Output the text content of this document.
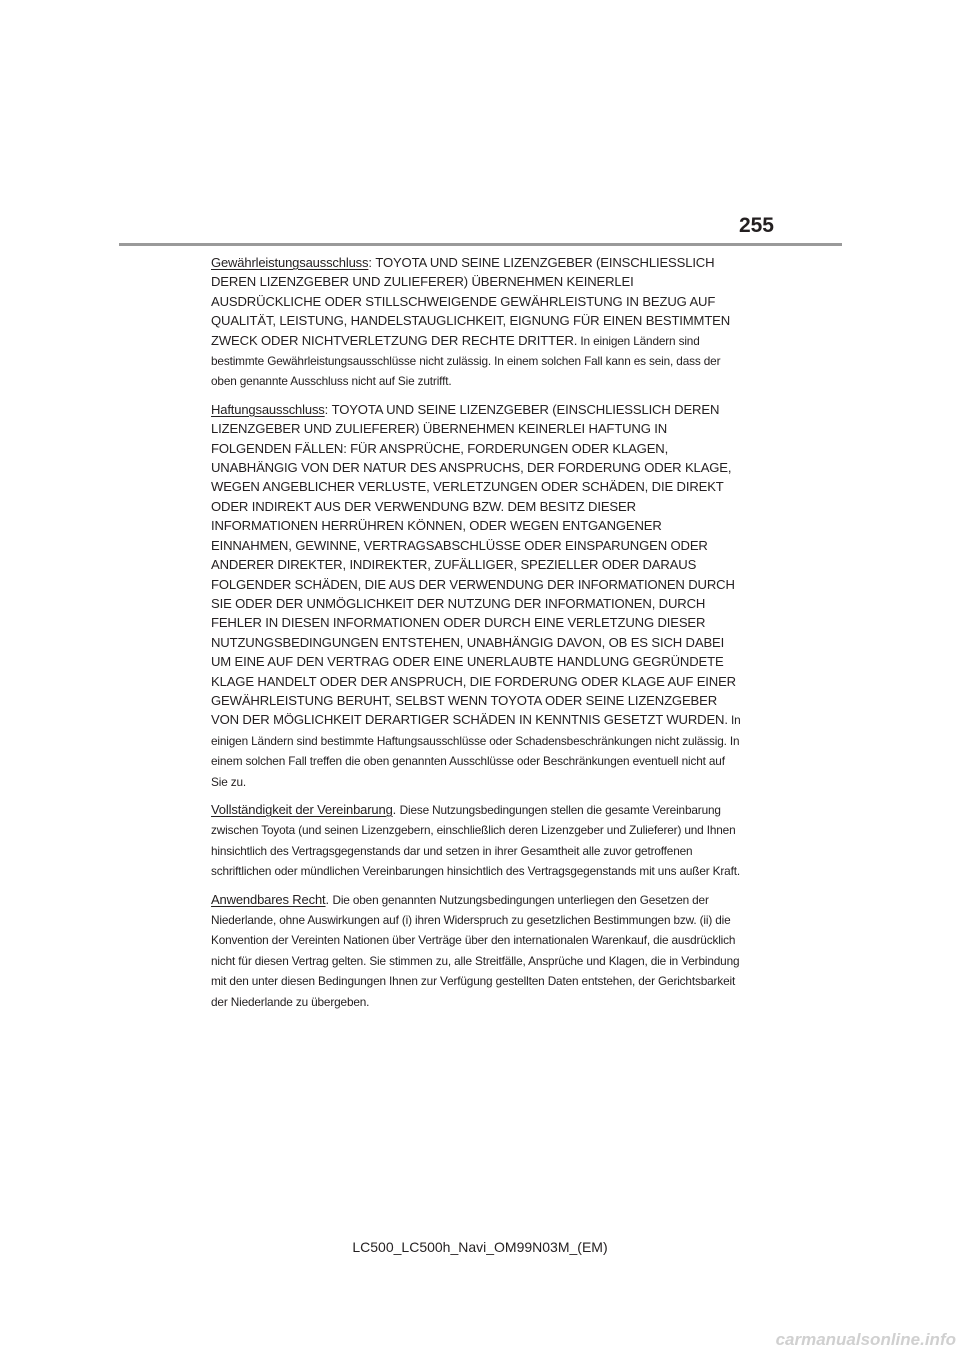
255

Gewährleistungsausschluss: TOYOTA UND SEINE LIZENZGEBER (EINSCHLIESSLICH DEREN LIZENZGEBER UND ZULIEFERER) ÜBERNEHMEN KEINERLEI AUSDRÜCKLICHE ODER STILLSCHWEIGENDE GEWÄHRLEISTUNG IN BEZUG AUF QUALITÄT, LEISTUNG, HANDELSTAUGLICHKEIT, EIGNUNG FÜR EINEN BESTIMMTEN ZWECK ODER NICHTVERLETZUNG DER RECHTE DRITTER. In einigen Ländern sind bestimmte Gewährleistungsausschlüsse nicht zulässig. In einem solchen Fall kann es sein, dass der oben genannte Ausschluss nicht auf Sie zutrifft.

Haftungsausschluss: TOYOTA UND SEINE LIZENZGEBER (EINSCHLIESSLICH DEREN LIZENZGEBER UND ZULIEFERER) ÜBERNEHMEN KEINERLEI HAFTUNG IN FOLGENDEN FÄLLEN: FÜR ANSPRÜCHE, FORDERUNGEN ODER KLAGEN, UNABHÄNGIG VON DER NATUR DES ANSPRUCHS, DER FORDERUNG ODER KLAGE, WEGEN ANGEBLICHER VERLUSTE, VERLETZUNGEN ODER SCHÄDEN, DIE DIREKT ODER INDIREKT AUS DER VERWENDUNG BZW. DEM BESITZ DIESER INFORMATIONEN HERRÜHREN KÖNNEN, ODER WEGEN ENTGANGENER EINNAHMEN, GEWINNE, VERTRAGSABSCHLÜSSE ODER EINSPARUNGEN ODER ANDERER DIREKTER, INDIREKTER, ZUFÄLLIGER, SPEZIELLER ODER DARAUS FOLGENDER SCHÄDEN, DIE AUS DER VERWENDUNG DER INFORMATIONEN DURCH SIE ODER DER UNMÖGLICHKEIT DER NUTZUNG DER INFORMATIONEN, DURCH FEHLER IN DIESEN INFORMATIONEN ODER DURCH EINE VERLETZUNG DIESER NUTZUNGSBEDINGUNGEN ENTSTEHEN, UNABHÄNGIG DAVON, OB ES SICH DABEI UM EINE AUF DEN VERTRAG ODER EINE UNERLAUBTE HANDLUNG GEGRÜNDETE KLAGE HANDELT ODER DER ANSPRUCH, DIE FORDERUNG ODER KLAGE AUF EINER GEWÄHRLEISTUNG BERUHT, SELBST WENN TOYOTA ODER SEINE LIZENZGEBER VON DER MÖGLICHKEIT DERARTIGER SCHÄDEN IN KENNTNIS GESETZT WURDEN. In einigen Ländern sind bestimmte Haftungsausschlüsse oder Schadensbeschränkungen nicht zulässig. In einem solchen Fall treffen die oben genannten Ausschlüsse oder Beschränkungen eventuell nicht auf Sie zu.

Vollständigkeit der Vereinbarung. Diese Nutzungsbedingungen stellen die gesamte Vereinbarung zwischen Toyota (und seinen Lizenzgebern, einschließlich deren Lizenzgeber und Zulieferer) und Ihnen hinsichtlich des Vertragsgegenstands dar und setzen in ihrer Gesamtheit alle zuvor getroffenen schriftlichen oder mündlichen Vereinbarungen hinsichtlich des Vertragsgegenstands mit uns außer Kraft.

Anwendbares Recht. Die oben genannten Nutzungsbedingungen unterliegen den Gesetzen der Niederlande, ohne Auswirkungen auf (i) ihren Widerspruch zu gesetzlichen Bestimmungen bzw. (ii) die Konvention der Vereinten Nationen über Verträge über den internationalen Warenkauf, die ausdrücklich nicht für diesen Vertrag gelten. Sie stimmen zu, alle Streitfälle, Ansprüche und Klagen, die in Verbindung mit den unter diesen Bedingungen Ihnen zur Verfügung gestellten Daten entstehen, der Gerichtsbarkeit der Niederlande zu übergeben.

LC500_LC500h_Navi_OM99N03M_(EM)
carmanualsonline.info
